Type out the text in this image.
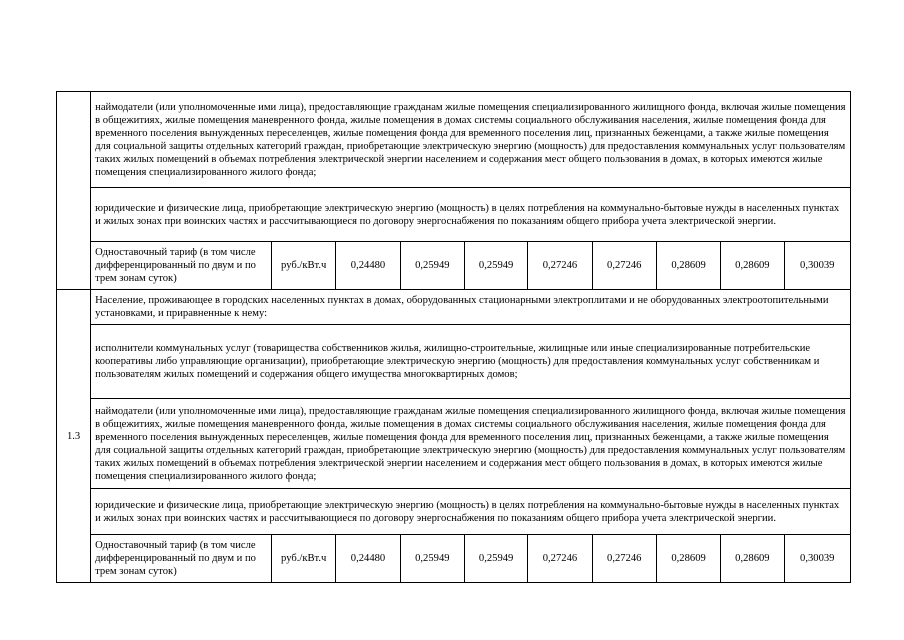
	наймодатели (или уполномоченные ими лица), предоставляющие гражданам жилые помещения специализированного жилищного фонда, включая жилые помещения в общежитиях, жилые помещения маневренного фонда, жилые помещения в домах системы социального обслуживания населения, жилые помещения фонда для временного поселения вынужденных переселенцев, жилые помещения фонда для временного поселения лиц, признанных беженцами, а также жилые помещения для социальной защиты отдельных категорий граждан, приобретающие электрическую энергию (мощность) для предоставления коммунальных услуг пользователям таких жилых помещений в объемах потребления электрической энергии населением и содержания мест общего пользования в домах, в которых имеются жилые помещения специализированного жилого фонда;									
	юридические и физические лица, приобретающие электрическую энергию (мощность) в целях потребления на коммунально-бытовые нужды в населенных пунктах и жилых зонах при воинских частях и рассчитывающиеся по договору энергоснабжения по показаниям общего прибора учета электрической энергии.									
	Одноставочный тариф (в том числе дифференцированный по двум и по трем зонам суток)	руб./кВт.ч	0,24480	0,25949	0,25949	0,27246	0,27246	0,28609	0,28609	0,30039
1.3	Население, проживающее в городских населенных пунктах в домах, оборудованных стационарными электроплитами и не оборудованных электроотопительными установками, и приравненные к нему:									
	исполнители коммунальных услуг (товарищества собственников жилья, жилищно-строительные, жилищные или иные специализированные потребительские кооперативы либо управляющие организации), приобретающие электрическую энергию (мощность) для предоставления коммунальных услуг собственникам и пользователям жилых помещений и содержания общего имущества многоквартирных домов;									
	наймодатели (или уполномоченные ими лица), предоставляющие гражданам жилые помещения специализированного жилищного фонда, включая жилые помещения в общежитиях, жилые помещения маневренного фонда, жилые помещения в домах системы социального обслуживания населения, жилые помещения фонда для временного поселения вынужденных переселенцев, жилые помещения фонда для временного поселения лиц, признанных беженцами, а также жилые помещения для социальной защиты отдельных категорий граждан, приобретающие электрическую энергию (мощность) для предоставления коммунальных услуг пользователям таких жилых помещений в объемах потребления электрической энергии населением и содержания мест общего пользования в домах, в которых имеются жилые помещения специализированного жилого фонда;									
	юридические и физические лица, приобретающие электрическую энергию (мощность) в целях потребления на коммунально-бытовые нужды в населенных пунктах и жилых зонах при воинских частях и рассчитывающиеся по договору энергоснабжения по показаниям общего прибора учета электрической энергии.									
	Одноставочный тариф (в том числе дифференцированный по двум и по трем зонам суток)	руб./кВт.ч	0,24480	0,25949	0,25949	0,27246	0,27246	0,28609	0,28609	0,30039
